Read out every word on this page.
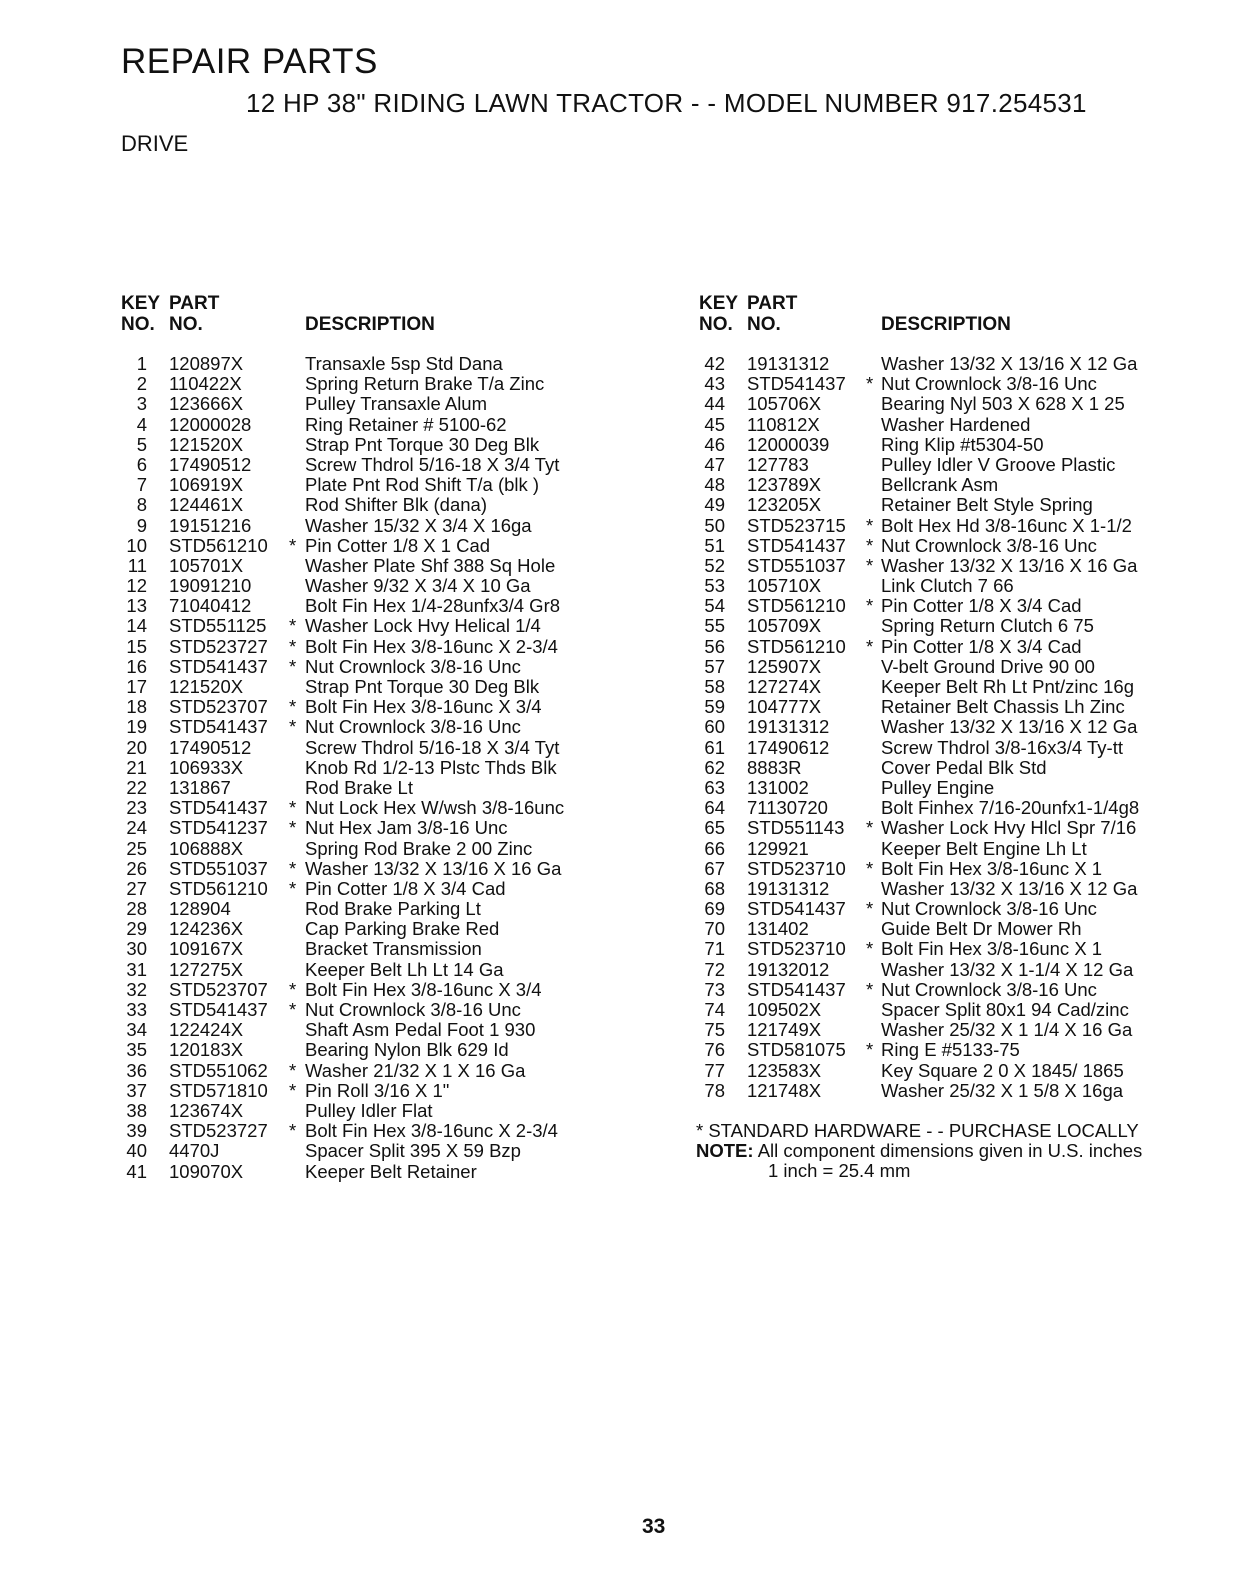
REPAIR PARTS
12 HP 38" RIDING LAWN TRACTOR - - MODEL NUMBER 917.254531
DRIVE
KEY
NO.
PART
NO.	DESCRIPTION
1 120897X	Transaxle 5sp Std Dana
2 110422X	Spring Return Brake T/a Zinc
3 123666X	Pulley Transaxle Alum
4 12000028	Ring Retainer # 5100-62
5 121520X	Strap Pnt Torque 30 Deg Blk
6 17490512	Screw Thdrol 5/16-18 X 3/4 Tyt
7 106919X	Plate Pnt Rod Shift T/a (blk )
8 124461X	Rod Shifter Blk (dana)
9 19151216	Washer 15/32 X 3/4 X 16ga
10 STD561210 * Pin Cotter 1/8 X 1 Cad
11 105701X	Washer Plate Shf 388 Sq Hole
12 19091210	Washer 9/32 X 3/4 X 10 Ga
13 71040412	Bolt Fin Hex 1/4-28unfx3/4 Gr8
14 STD551125 * Washer Lock Hvy Helical 1/4
15 STD523727 * Bolt Fin Hex 3/8-16unc X 2-3/4
16 STD541437 * Nut Crownlock 3/8-16 Unc
17 121520X	Strap Pnt Torque 30 Deg Blk
18 STD523707 * Bolt Fin Hex 3/8-16unc X 3/4
19 STD541437 * Nut Crownlock 3/8-16 Unc
20 17490512	Screw Thdrol 5/16-18 X 3/4 Tyt
21 106933X	Knob Rd 1/2-13 Plstc Thds Blk
22 131867	Rod Brake Lt
23 STD541437 * Nut Lock Hex W/wsh 3/8-16unc
24 STD541237 * Nut Hex Jam 3/8-16 Unc
25 106888X	Spring Rod Brake 2 00 Zinc
26 STD551037 * Washer 13/32 X 13/16 X 16 Ga
27 STD561210 * Pin Cotter 1/8 X 3/4 Cad
28 128904	Rod Brake Parking Lt
29 124236X	Cap Parking Brake Red
30 109167X	Bracket Transmission
31 127275X	Keeper Belt Lh Lt 14 Ga
32 STD523707 * Bolt Fin Hex 3/8-16unc X 3/4
33 STD541437 * Nut Crownlock 3/8-16 Unc
34 122424X	Shaft Asm Pedal Foot 1 930
35 120183X	Bearing Nylon Blk 629 Id
36 STD551062 * Washer 21/32 X 1 X 16 Ga
37 STD571810 * Pin Roll 3/16 X 1"
38 123674X	Pulley Idler Flat
39 STD523727 * Bolt Fin Hex 3/8-16unc X 2-3/4
40 4470J	Spacer Split 395 X 59 Bzp
41 109070X	Keeper Belt Retainer
KEY
NO.
PART
NO.	DESCRIPTION
42 19131312	Washer 13/32 X 13/16 X 12 Ga
43 STD541437 * Nut Crownlock 3/8-16 Unc
44 105706X	Bearing Nyl 503 X 628 X 1 25
45 110812X	Washer Hardened
46 12000039	Ring Klip #t5304-50
47 127783	Pulley Idler V Groove Plastic
48 123789X	Bellcrank Asm
49 123205X	Retainer Belt Style Spring
50 STD523715 * Bolt Hex Hd 3/8-16unc X 1-1/2
51 STD541437 * Nut Crownlock 3/8-16 Unc
52 STD551037 * Washer 13/32 X 13/16 X 16 Ga
53 105710X	Link Clutch 7 66
54 STD561210 * Pin Cotter 1/8 X 3/4 Cad
55 105709X	Spring Return Clutch 6 75
56 STD561210 * Pin Cotter 1/8 X 3/4 Cad
57 125907X	V-belt Ground Drive 90 00
58 127274X	Keeper Belt Rh Lt Pnt/zinc 16g
59 104777X	Retainer Belt Chassis Lh Zinc
60 19131312	Washer 13/32 X 13/16 X 12 Ga
61 17490612	Screw Thdrol 3/8-16x3/4 Ty-tt
62 8883R	Cover Pedal Blk Std
63 131002	Pulley Engine
64 71130720	Bolt Finhex 7/16-20unfx1-1/4g8
65 STD551143 * Washer Lock Hvy Hlcl Spr 7/16
66 129921	Keeper Belt Engine Lh Lt
67 STD523710 * Bolt Fin Hex 3/8-16unc X 1
68 19131312	Washer 13/32 X 13/16 X 12 Ga
69 STD541437 * Nut Crownlock 3/8-16 Unc
70 131402	Guide Belt Dr Mower Rh
71 STD523710 * Bolt Fin Hex 3/8-16unc X 1
72 19132012	Washer 13/32 X 1-1/4 X 12 Ga
73 STD541437 * Nut Crownlock 3/8-16 Unc
74 109502X	Spacer Split 80x1 94 Cad/zinc
75 121749X	Washer 25/32 X 1 1/4 X 16 Ga
76 STD581075 * Ring E #5133-75
77 123583X	Key Square 2 0 X 1845/ 1865
78 121748X	Washer 25/32 X 1 5/8 X 16ga
* STANDARD HARDWARE - - PURCHASE LOCALLY
NOTE: All component dimensions given in U.S. inches
1 inch = 25.4 mm
33
